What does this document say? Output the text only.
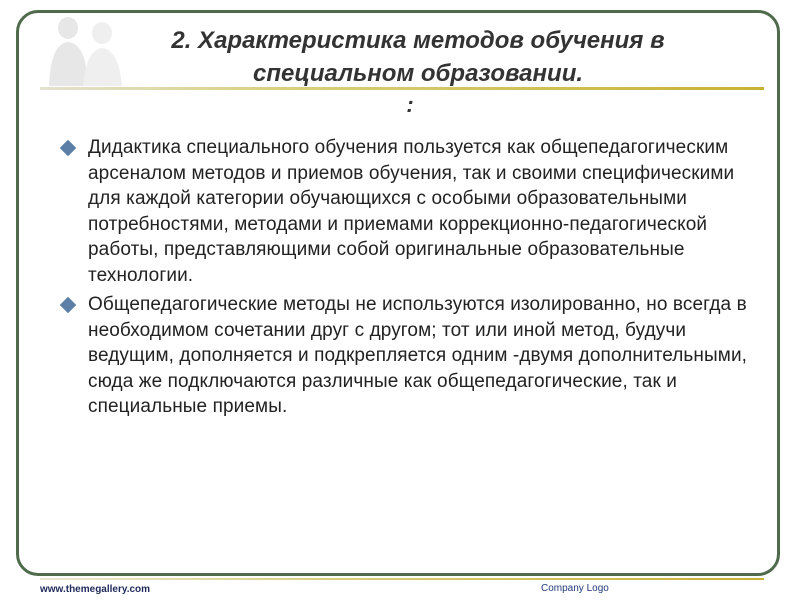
2. Характеристика методов обучения в
специальном образовании.
:
Дидактика специального обучения пользуется как общепедагогическим арсеналом методов и приемов обучения, так и своими специфическими для каждой категории обучающихся с особыми образовательными потребностями, методами и приемами коррекционно-педагогической работы, представляющими собой оригинальные образовательные технологии.
Общепедагогические методы не используются изолированно, но всегда в необходимом сочетании друг с другом; тот или иной метод, будучи ведущим, дополняется и подкрепляется одним -двумя дополнительными, сюда же подключаются различные как общепедагогические, так и специальные приемы.
www.themegallery.com	Company Logo
